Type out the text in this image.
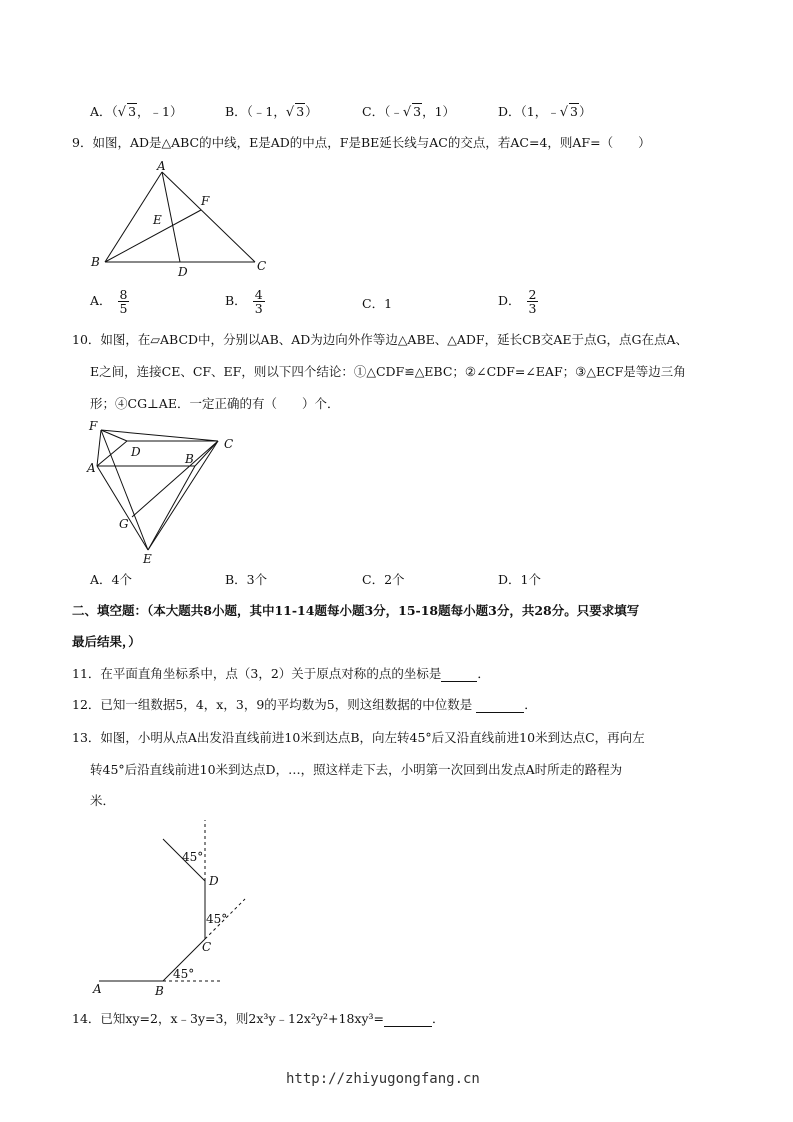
A．（√ 3，﹣1）	B．（﹣1，√ 3）	C．（﹣√ 3，1）	D．（1，﹣√ 3）
9．如图，AD是△ABC的中线，E是AD的中点，F是BE延长线与AC的交点，若AC=4，则AF=（　　）
A
B	C
D
E
F
A． $\frac{8}{5}$	B． $\frac{4}{3}$	C．1	D． $\frac{2}{3}$
10．如图，在▱ABCD中，分别以AB、AD为边向外作等边△ABE、△ADF，延长CB交AE于点G，点G在点A、
E之间，连接CE、CF、EF，则以下四个结论：①△CDF≌△EBC；②∠CDF=∠EAF；③△ECF是等边三角
形；④CG⊥AE．一定正确的有（　　）个．
F
D
C
A
B
G
E
A．4个	B．3个	C．2个	D．1个
二、填空题：（本大题共8小题，其中11-14题每小题3分，15-18题每小题3分，共28分。只要求填写
最后结果，）
11．在平面直角坐标系中，点（3，2）关于原点对称的点的坐标是	．
12．已知一组数据5，4，x，3，9的平均数为5，则这组数据的中位数是	．
13．如图，小明从点A出发沿直线前进10米到达点B，向左转45°后又沿直线前进10米到达点C，再向左
转45°后沿直线前进10米到达点D，…，照这样走下去，小明第一次回到出发点A时所走的路程为
米．
A	B
C
D
45°
45°
45°
14．已知xy=2，x﹣3y=3，则2x³y﹣12x²y²+18xy³=	．
http://zhiyugongfang.cn
